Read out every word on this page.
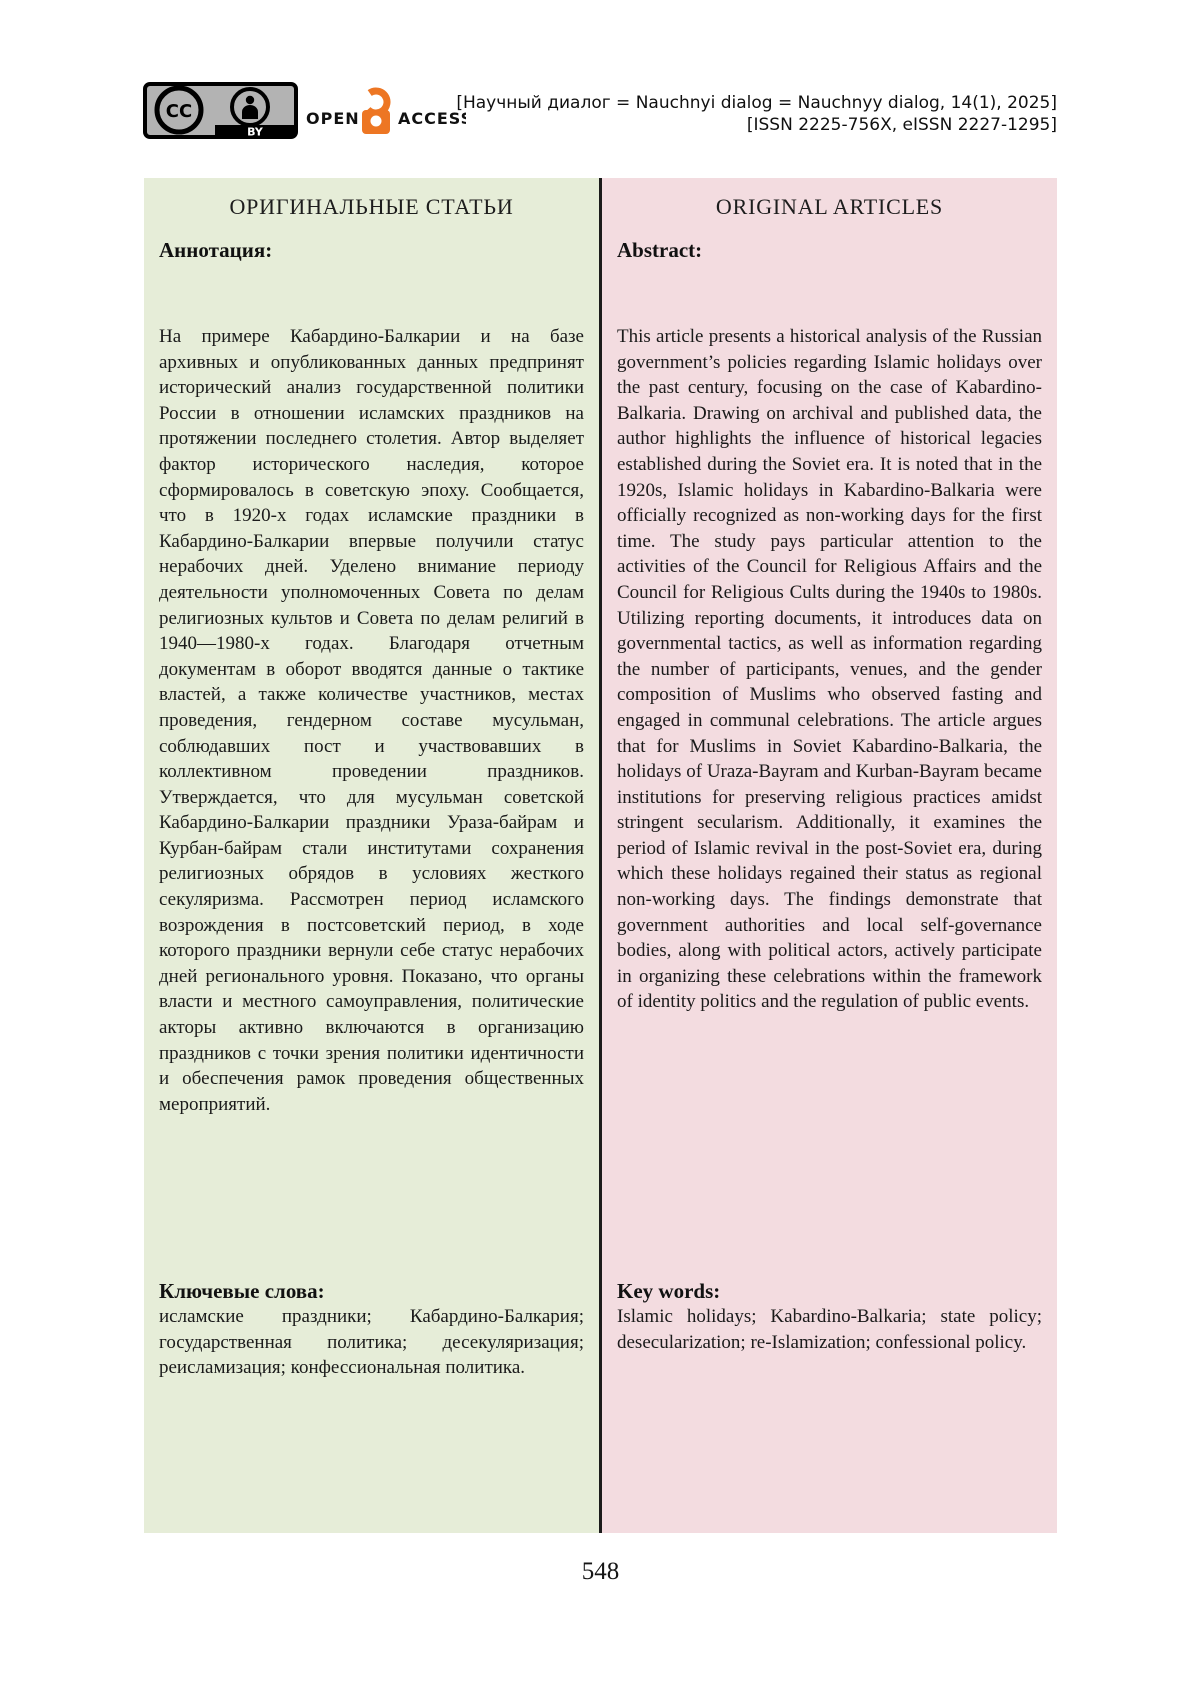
CC
BY
OPEN ACCESS
[Научный диалог = Nauchnyi dialog = Nauchnyy dialog, 14(1), 2025]
[ISSN 2225-756X, eISSN 2227-1295]
ОРИГИНАЛЬНЫЕ СТАТЬИ
Аннотация:
На примере Кабардино-Балкарии и на базе архивных и опубликованных данных предпринят исторический анализ государственной политики России в отношении исламских праздников на протяжении последнего столетия. Автор выделяет фактор исторического наследия, которое сформировалось в советскую эпоху. Сообщается, что в 1920-х годах исламские праздники в Кабардино-Балкарии впервые получили статус нерабочих дней. Уделено внимание периоду деятельности уполномоченных Совета по делам религиозных культов и Совета по делам религий в 1940—1980-х годах. Благодаря отчетным документам в оборот вводятся данные о тактике властей, а также количестве участников, местах проведения, гендерном составе мусульман, соблюдавших пост и участвовавших в коллективном проведении праздников. Утверждается, что для мусульман советской Кабардино-Балкарии праздники Ураза-байрам и Курбан-байрам стали институтами сохранения религиозных обрядов в условиях жесткого секуляризма. Рассмотрен период исламского возрождения в постсоветский период, в ходе которого праздники вернули себе статус нерабочих дней регионального уровня. Показано, что органы власти и местного самоуправления, политические акторы активно включаются в организацию праздников с точки зрения политики идентичности и обеспечения рамок проведения общественных мероприятий.
Ключевые слова:
исламские праздники; Кабардино-Балкария; государственная политика; десекуляризация; реисламизация; конфессиональная политика.
ORIGINAL ARTICLES
Abstract:
This article presents a historical analysis of the Russian government’s policies regarding Islamic holidays over the past century, focusing on the case of Kabardino-Balkaria. Drawing on archival and published data, the author highlights the influence of historical legacies established during the Soviet era. It is noted that in the 1920s, Islamic holidays in Kabardino-Balkaria were officially recognized as non-working days for the first time. The study pays particular attention to the activities of the Council for Religious Affairs and the Council for Religious Cults during the 1940s to 1980s. Utilizing reporting documents, it introduces data on governmental tactics, as well as information regarding the number of participants, venues, and the gender composition of Muslims who observed fasting and engaged in communal celebrations. The article argues that for Muslims in Soviet Kabardino-Balkaria, the holidays of Uraza-Bayram and Kurban-Bayram became institutions for preserving religious practices amidst stringent secularism. Additionally, it examines the period of Islamic revival in the post-Soviet era, during which these holidays regained their status as regional non-working days. The findings demonstrate that government authorities and local self-governance bodies, along with political actors, actively participate in organizing these celebrations within the framework of identity politics and the regulation of public events.
Key words:
Islamic holidays; Kabardino-Balkaria; state policy; desecularization; re-Islamization; confessional policy.
548
